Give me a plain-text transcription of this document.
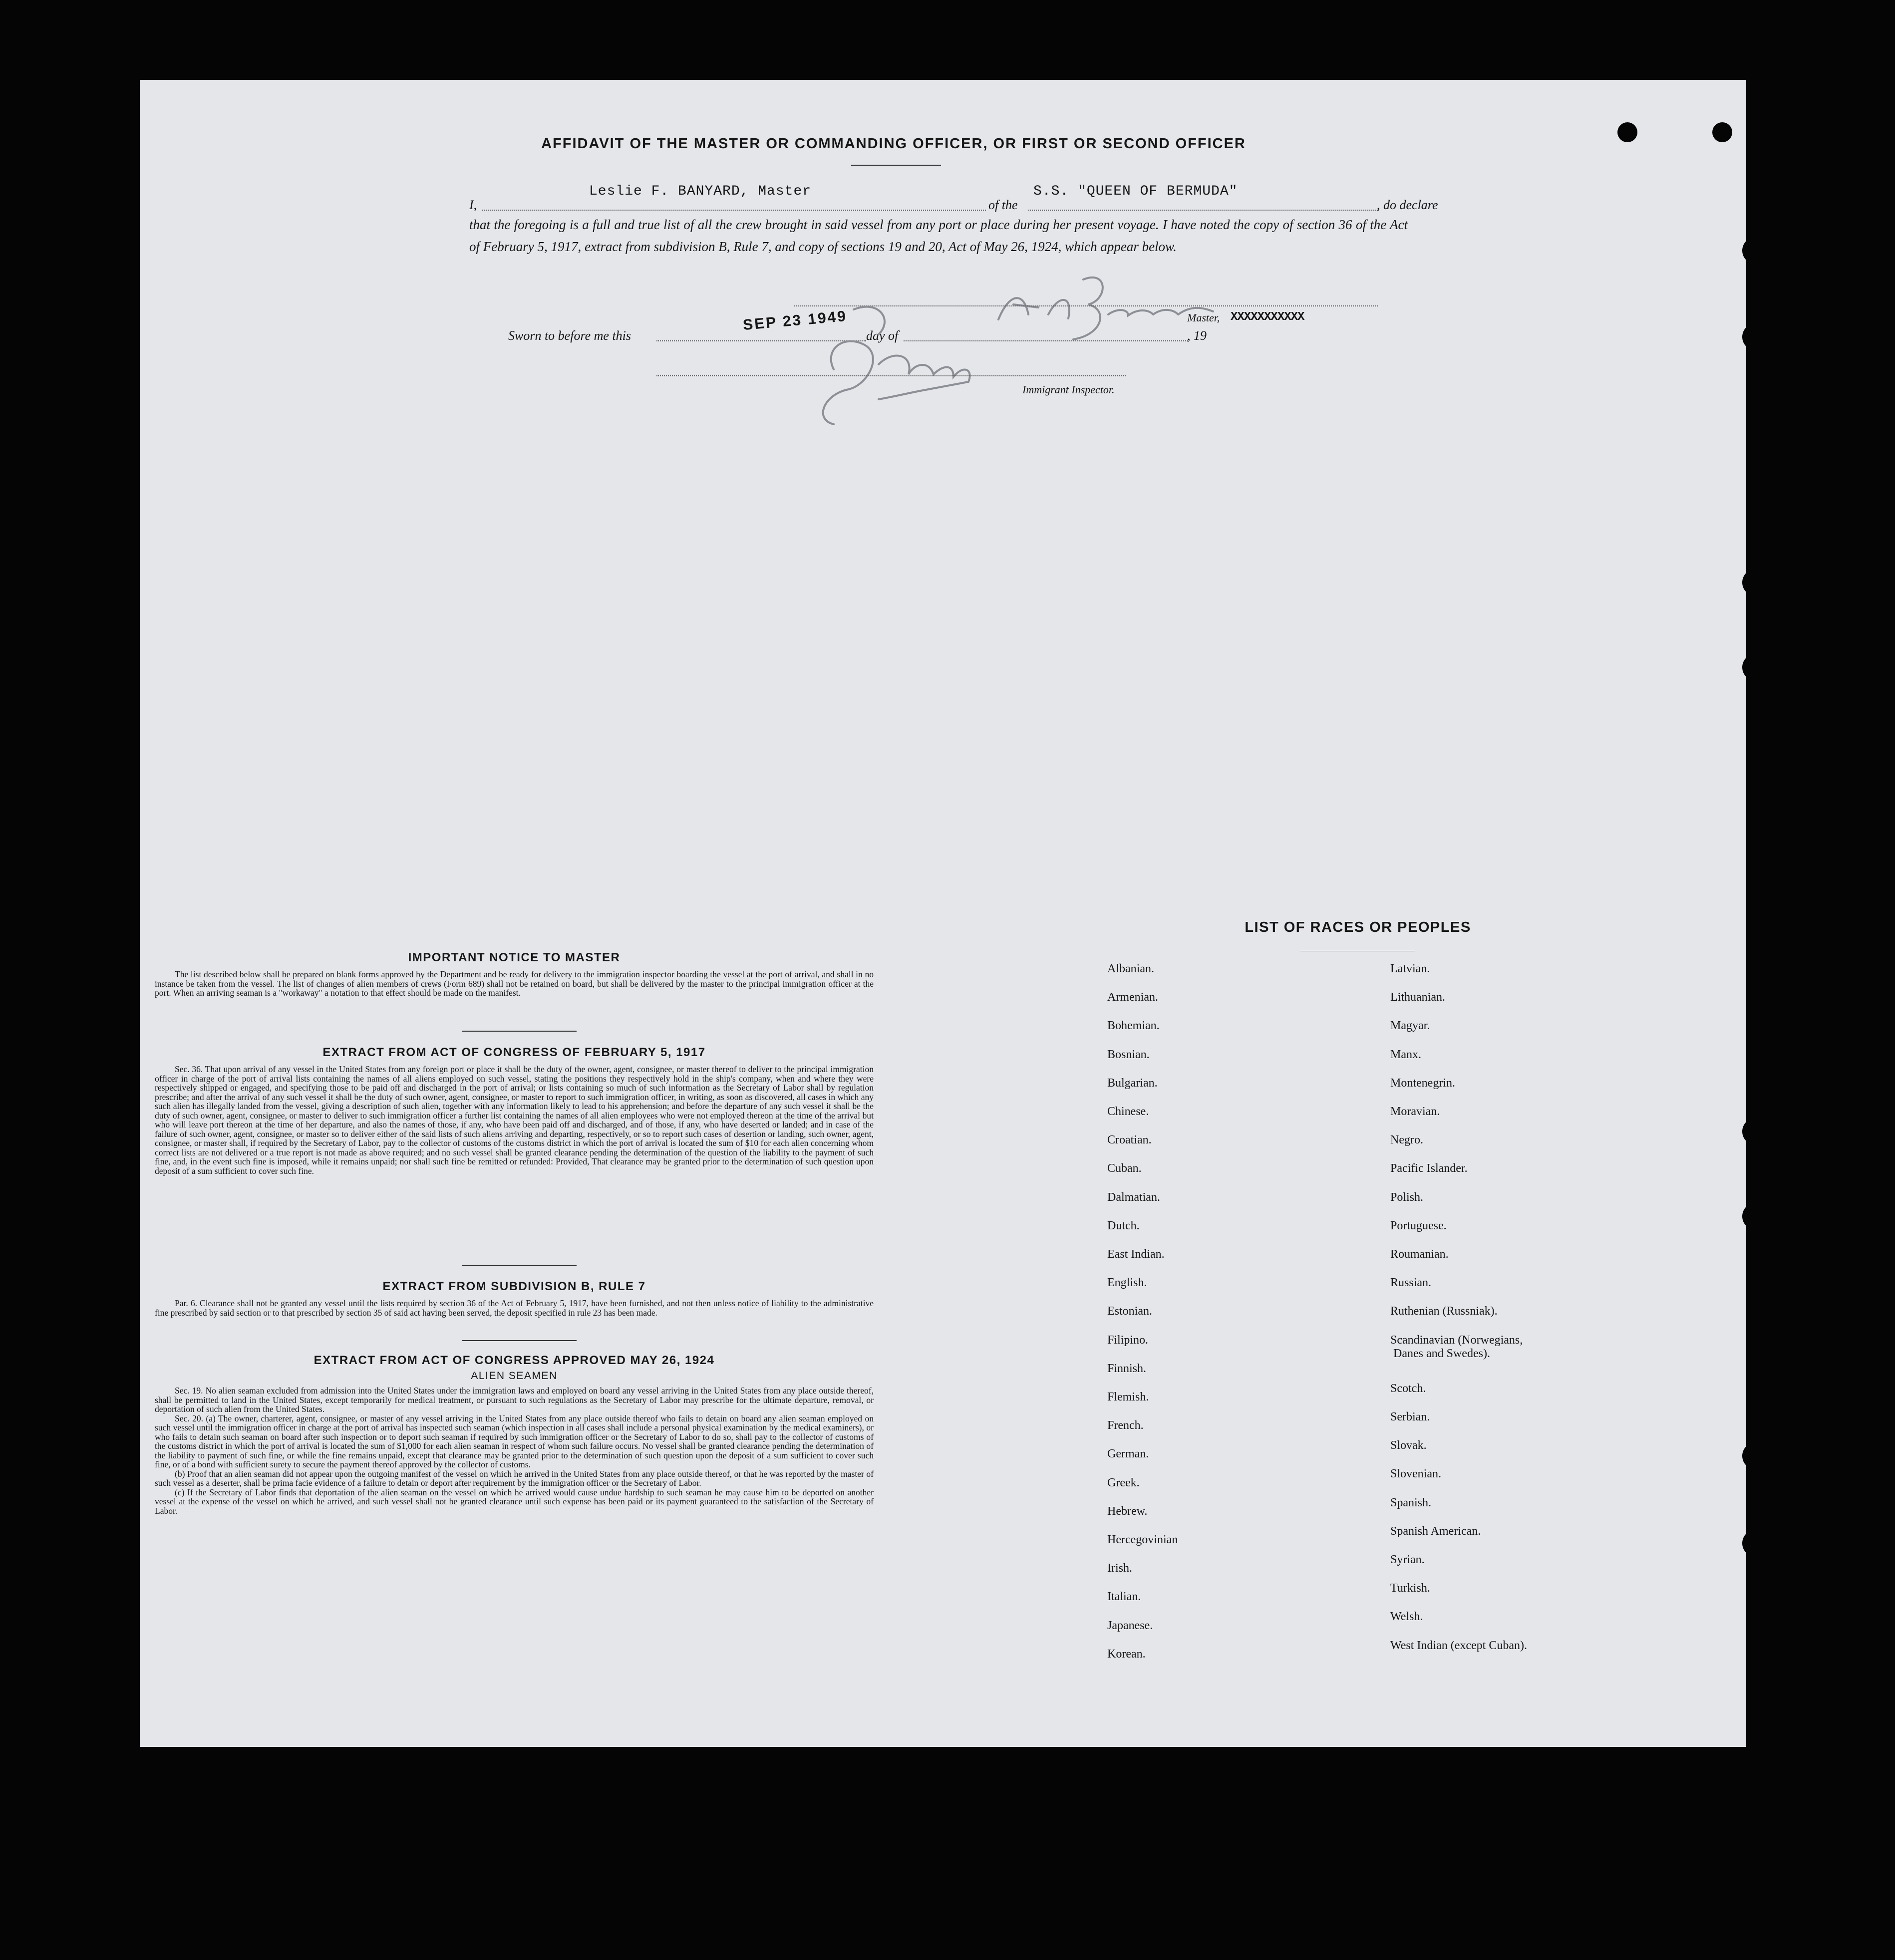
AFFIDAVIT OF THE MASTER OR COMMANDING OFFICER, OR FIRST OR SECOND OFFICER
I,
Leslie F. BANYARD, Master
of the
S.S. "QUEEN OF BERMUDA"
, do declare
that the foregoing is a full and true list of all the crew brought in said vessel from any port or place during her present voyage. I have noted the copy of section 36 of the Act of February 5, 1917, extract from subdivision B, Rule 7, and copy of sections 19 and 20, Act of May 26, 1924, which appear below.
Master, XXXXXXXXXXX
Sworn to before me this
SEP 23 1949
day of	, 19
Immigrant Inspector.
IMPORTANT NOTICE TO MASTER
The list described below shall be prepared on blank forms approved by the Department and be ready for delivery to the immigration inspector boarding the vessel at the port of arrival, and shall in no instance be taken from the vessel. The list of changes of alien members of crews (Form 689) shall not be retained on board, but shall be delivered by the master to the principal immigration officer at the port. When an arriving seaman is a "workaway" a notation to that effect should be made on the manifest.
EXTRACT FROM ACT OF CONGRESS OF FEBRUARY 5, 1917
Sec. 36. That upon arrival of any vessel in the United States from any foreign port or place it shall be the duty of the owner, agent, consignee, or master thereof to deliver to the principal immigration officer in charge of the port of arrival lists containing the names of all aliens employed on such vessel, stating the positions they respectively hold in the ship's company, when and where they were respectively shipped or engaged, and specifying those to be paid off and discharged in the port of arrival; or lists containing so much of such information as the Secretary of Labor shall by regulation prescribe; and after the arrival of any such vessel it shall be the duty of such owner, agent, consignee, or master to report to such immigration officer, in writing, as soon as discovered, all cases in which any such alien has illegally landed from the vessel, giving a description of such alien, together with any information likely to lead to his apprehension; and before the departure of any such vessel it shall be the duty of such owner, agent, consignee, or master to deliver to such immigration officer a further list containing the names of all alien employees who were not employed thereon at the time of the arrival but who will leave port thereon at the time of her departure, and also the names of those, if any, who have been paid off and discharged, and of those, if any, who have deserted or landed; and in case of the failure of such owner, agent, consignee, or master so to deliver either of the said lists of such aliens arriving and departing, respectively, or so to report such cases of desertion or landing, such owner, agent, consignee, or master shall, if required by the Secretary of Labor, pay to the collector of customs of the customs district in which the port of arrival is located the sum of $10 for each alien concerning whom correct lists are not delivered or a true report is not made as above required; and no such vessel shall be granted clearance pending the determination of the question of the liability to the payment of such fine, and, in the event such fine is imposed, while it remains unpaid; nor shall such fine be remitted or refunded: Provided, That clearance may be granted prior to the determination of such question upon deposit of a sum sufficient to cover such fine.
EXTRACT FROM SUBDIVISION B, RULE 7
Par. 6. Clearance shall not be granted any vessel until the lists required by section 36 of the Act of February 5, 1917, have been furnished, and not then unless notice of liability to the administrative fine prescribed by said section or to that prescribed by section 35 of said act having been served, the deposit specified in rule 23 has been made.
EXTRACT FROM ACT OF CONGRESS APPROVED MAY 26, 1924
ALIEN SEAMEN

Sec. 19. No alien seaman excluded from admission into the United States under the immigration laws and employed on board any vessel arriving in the United States from any place outside thereof, shall be permitted to land in the United States, except temporarily for medical treatment, or pursuant to such regulations as the Secretary of Labor may prescribe for the ultimate departure, removal, or deportation of such alien from the United States.

Sec. 20. (a) The owner, charterer, agent, consignee, or master of any vessel arriving in the United States from any place outside thereof who fails to detain on board any alien seaman employed on such vessel until the immigration officer in charge at the port of arrival has inspected such seaman (which inspection in all cases shall include a personal physical examination by the medical examiners), or who fails to detain such seaman on board after such inspection or to deport such seaman if required by such immigration officer or the Secretary of Labor to do so, shall pay to the collector of customs of the customs district in which the port of arrival is located the sum of $1,000 for each alien seaman in respect of whom such failure occurs. No vessel shall be granted clearance pending the determination of the liability to payment of such fine, or while the fine remains unpaid, except that clearance may be granted prior to the determination of such question upon the deposit of a sum sufficient to cover such fine, or of a bond with sufficient surety to secure the payment thereof approved by the collector of customs.

(b) Proof that an alien seaman did not appear upon the outgoing manifest of the vessel on which he arrived in the United States from any place outside thereof, or that he was reported by the master of such vessel as a deserter, shall be prima facie evidence of a failure to detain or deport after requirement by the immigration officer or the Secretary of Labor.

(c) If the Secretary of Labor finds that deportation of the alien seaman on the vessel on which he arrived would cause undue hardship to such seaman he may cause him to be deported on another vessel at the expense of the vessel on which he arrived, and such vessel shall not be granted clearance until such expense has been paid or its payment guaranteed to the satisfaction of the Secretary of Labor.

LIST OF RACES OR PEOPLES
Albanian.
Armenian.
Bohemian.
Bosnian.
Bulgarian.
Chinese.
Croatian.
Cuban.
Dalmatian.
Dutch.
East Indian.
English.
Estonian.
Filipino.
Finnish.
Flemish.
French.
German.
Greek.
Hebrew.
Hercegovinian
Irish.
Italian.
Japanese.
Korean.
Latvian.
Lithuanian.
Magyar.
Manx.
Montenegrin.
Moravian.
Negro.
Pacific Islander.
Polish.
Portuguese.
Roumanian.
Russian.
Ruthenian (Russniak).
Scandinavian (Norwegians,
Danes and Swedes).
Scotch.
Serbian.
Slovak.
Slovenian.
Spanish.
Spanish American.
Syrian.
Turkish.
Welsh.
West Indian (except Cuban).
